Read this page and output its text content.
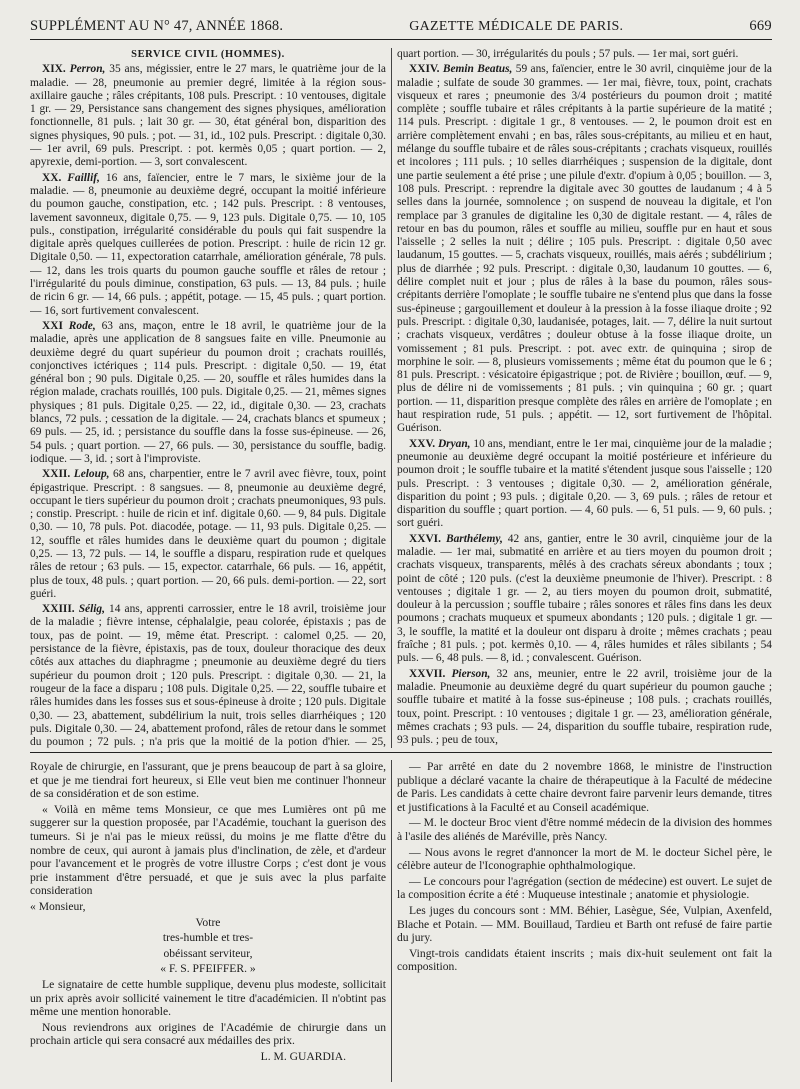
SUPPLÉMENT AU N° 47, ANNÉE 1868.	GAZETTE MÉDICALE DE PARIS.	669

SERVICE CIVIL (HOMMES).

XIX. Perron, 35 ans, mégissier, entre le 27 mars, le quatrième jour de la maladie. — 28, pneumonie au premier degré, limitée à la région sous-axillaire gauche ; râles crépitants, 108 puls. Prescript. : 10 ventouses, digitale 1 gr. — 29, Persistance sans changement des signes physiques, amélioration fonctionnelle, 81 puls. ; lait 30 gr. — 30, état général bon, disparition des signes physiques, 90 puls. ; pot. — 31, id., 102 puls. Prescript. : digitale 0,30. — 1er avril, 69 puls. Prescript. : pot. kermès 0,05 ; quart portion. — 2, apyrexie, demi-portion. — 3, sort convalescent.

XX. Faillif, 16 ans, faïencier, entre le 7 mars, le sixième jour de la maladie. — 8, pneumonie au deuxième degré, occupant la moitié inférieure du poumon gauche, constipation, etc. ; 142 puls. Prescript. : 8 ventouses, lavement savonneux, digitale 0,75. — 9, 123 puls. Digitale 0,75. — 10, 105 puls., constipation, irrégularité considérable du pouls qui fait suspendre la digitale après quelques cuillerées de potion. Prescript. : huile de ricin 12 gr. Digitale 0,50. — 11, expectoration catarrhale, amélioration générale, 78 puls. — 12, dans les trois quarts du poumon gauche souffle et râles de retour ; l'irrégularité du pouls diminue, constipation, 63 puls. — 13, 84 puls. ; huile de ricin 6 gr. — 14, 66 puls. ; appétit, potage. — 15, 45 puls. ; quart portion. — 16, sort furtivement convalescent.

XXI Rode, 63 ans, maçon, entre le 18 avril, le quatrième jour de la maladie, après une application de 8 sangsues faite en ville. Pneumonie au deuxième degré du quart supérieur du poumon droit ; crachats rouillés, conjonctives ictériques ; 114 puls. Prescript. : digitale 0,50. — 19, état général bon ; 90 puls. Digitale 0,25. — 20, souffle et râles humides dans la région malade, crachats rouillés, 100 puls. Digitale 0,25. — 21, mêmes signes physiques ; 81 puls. Digitale 0,25. — 22, id., digitale 0,30. — 23, crachats blancs, 72 puls. ; cessation de la digitale. — 24, crachats blancs et spumeux ; 69 puls. — 25, id. ; persistance du souffle dans la fosse sus-épineuse. — 26, 54 puls. ; quart portion. — 27, 66 puls. — 30, persistance du souffle, badig. iodique. — 3, id. ; sort à l'improviste.

XXII. Leloup, 68 ans, charpentier, entre le 7 avril avec fièvre, toux, point épigastrique. Prescript. : 8 sangsues. — 8, pneumonie au deuxième degré, occupant le tiers supérieur du poumon droit ; crachats pneumoniques, 93 puls. ; constip. Prescript. : huile de ricin et inf. digitale 0,60. — 9, 84 puls. Digitale 0,30. — 10, 78 puls. Pot. diacodée, potage. — 11, 93 puls. Digitale 0,25. — 12, souffle et râles humides dans le deuxième quart du poumon ; digitale 0,25. — 13, 72 puls. — 14, le souffle a disparu, respiration rude et quelques râles de retour ; 63 puls. — 15, expector. catarrhale, 66 puls. — 16, appétit, plus de toux, 48 puls. ; quart portion. — 20, 66 puls. demi-portion. — 22, sort guéri.

XXIII. Sélig, 14 ans, apprenti carrossier, entre le 18 avril, troisième jour de la maladie ; fièvre intense, céphalalgie, peau colorée, épistaxis ; pas de toux, pas de point. — 19, même état. Prescript. : calomel 0,25. — 20, persistance de la fièvre, épistaxis, pas de toux, douleur thoracique des deux côtés aux attaches du diaphragme ; pneumonie au deuxième degré du tiers supérieur du poumon droit ; 120 puls. Prescript. : digitale 0,30. — 21, la rougeur de la face a disparu ; 108 puls. Digitale 0,25. — 22, souffle tubaire et râles humides dans les fosses sus et sous-épineuse à droite ; 120 puls. Digitale 0,30. — 23, abattement, subdélirium la nuit, trois selles diarrhéiques ; 120 puls. Digitale 0,30. — 24, abattement profond, râles de retour dans le sommet du poumon ; 72 puls. ; n'a pris que la moitié de la potion d'hier. — 25,

quart portion. — 30, irrégularités du pouls ; 57 puls. — 1er mai, sort guéri.

XXIV. Bemin Beatus, 59 ans, faïencier, entre le 30 avril, cinquième jour de la maladie ; sulfate de soude 30 grammes. — 1er mai, fièvre, toux, point, crachats visqueux et rares ; pneumonie des 3/4 postérieurs du poumon droit ; matité complète ; souffle tubaire et râles crépitants à la partie supérieure de la matité ; 114 puls. Prescript. : digitale 1 gr., 8 ventouses. — 2, le poumon droit est en arrière complètement envahi ; en bas, râles sous-crépitants, au milieu et en haut, mélange du souffle tubaire et de râles sous-crépitants ; crachats visqueux, rouillés et incolores ; 111 puls. ; 10 selles diarrhéiques ; suspension de la digitale, dont une partie seulement a été prise ; une pilule d'extr. d'opium à 0,05 ; bouillon. — 3, 108 puls. Prescript. : reprendre la digitale avec 30 gouttes de laudanum ; 4 à 5 selles dans la journée, somnolence ; on suspend de nouveau la digitale, et l'on remplace par 3 granules de digitaline les 0,30 de digitale restant. — 4, râles de retour en bas du poumon, râles et souffle au milieu, souffle pur en haut et sous l'aisselle ; 2 selles la nuit ; délire ; 105 puls. Prescript. : digitale 0,50 avec laudanum, 15 gouttes. — 5, crachats visqueux, rouillés, mais aérés ; subdélirium ; plus de diarrhée ; 92 puls. Prescript. : digitale 0,30, laudanum 10 gouttes. — 6, délire complet nuit et jour ; plus de râles à la base du poumon, râles sous-crépitants derrière l'omoplate ; le souffle tubaire ne s'entend plus que dans la fosse sus-épineuse ; gargouillement et douleur à la pression à la fosse iliaque droite ; 92 puls. Prescript. : digitale 0,30, laudanisée, potages, lait. — 7, délire la nuit surtout ; crachats visqueux, verdâtres ; douleur obtuse à la fosse iliaque droite, un vomissement ; 81 puls. Prescript. : pot. avec extr. de quinquina ; sirop de morphine le soir. — 8, plusieurs vomissements ; même état du poumon que le 6 ; 81 puls. Prescript. : vésicatoire épigastrique ; pot. de Rivière ; bouillon, œuf. — 9, plus de délire ni de vomissements ; 81 puls. ; vin quinquina ; 60 gr. ; quart portion. — 11, disparition presque complète des râles en arrière de l'omoplate ; en haut respiration rude, 51 puls. ; appétit. — 12, sort furtivement de l'hôpital. Guérison.

XXV. Dryan, 10 ans, mendiant, entre le 1er mai, cinquième jour de la maladie ; pneumonie au deuxième degré occupant la moitié postérieure et inférieure du poumon droit ; le souffle tubaire et la matité s'étendent jusque sous l'aisselle ; 120 puls. Prescript. : 3 ventouses ; digitale 0,30. — 2, amélioration générale, disparition du point ; 93 puls. ; digitale 0,20. — 3, 69 puls. ; râles de retour et disparition du souffle ; quart portion. — 4, 60 puls. — 6, 51 puls. — 9, 60 puls. ; sort guéri.

XXVI. Barthélemy, 42 ans, gantier, entre le 30 avril, cinquième jour de la maladie. — 1er mai, submatité en arrière et au tiers moyen du poumon droit ; crachats visqueux, transparents, mêlés à des crachats séreux abondants ; toux ; point de côté ; 120 puls. (c'est la deuxième pneumonie de l'hiver). Prescript. : 8 ventouses ; digitale 1 gr. — 2, au tiers moyen du poumon droit, submatité, douleur à la percussion ; souffle tubaire ; râles sonores et râles fins dans les deux poumons ; crachats muqueux et spumeux abondants ; 120 puls. ; digitale 1 gr. — 3, le souffle, la matité et la douleur ont disparu à droite ; mêmes crachats ; peau fraîche ; 81 puls. ; pot. kermès 0,10. — 4, râles humides et râles sibilants ; 54 puls. — 6, 48 puls. — 8, id. ; convalescent. Guérison.

XXVII. Pierson, 32 ans, meunier, entre le 22 avril, troisième jour de la maladie. Pneumonie au deuxième degré du quart supérieur du poumon gauche ; souffle tubaire et matité à la fosse sus-épineuse ; 108 puls. ; crachats rouillés, toux, point. Prescript. : 10 ventouses ; digitale 1 gr. — 23, amélioration générale, mêmes crachats ; 93 puls. — 24, disparition du souffle tubaire, respiration rude, 93 puls. ; peu de toux,

Royale de chirurgie, en l'assurant, que je prens beaucoup de part à sa gloire, et que je me tiendrai fort heureux, si Elle veut bien me continuer l'honneur de sa considération et de son estime.

« Voilà en même tems Monsieur, ce que mes Lumières ont pû me suggerer sur la question proposée, par l'Académie, touchant la guerison des tumeurs. Si je n'ai pas le mieux reüssi, du moins je me flatte d'être du nombre de ceux, qui auront à jamais plus d'inclination, de zèle, et d'ardeur pour l'avancement et le progrès de votre illustre Corps ; c'est dont je vous prie instamment d'être persuadé, et que je suis avec la plus parfaite consideration

« Monsieur,

Votre

tres-humble et tres-

obéissant serviteur,

« F. S. PFEIFFER. »

Le signataire de cette humble supplique, devenu plus modeste, sollicitait un prix après avoir sollicité vainement le titre d'académicien. Il n'obtint pas même une mention honorable.

Nous reviendrons aux origines de l'Académie de chirurgie dans un prochain article qui sera consacré aux médailles des prix.

L. M. GUARDIA.

— Par arrêté en date du 2 novembre 1868, le ministre de l'instruction publique a déclaré vacante la chaire de thérapeutique à la Faculté de médecine de Paris. Les candidats à cette chaire devront faire parvenir leurs demande, titres et justifications à la Faculté et au Conseil académique.

— M. le docteur Broc vient d'être nommé médecin de la division des hommes à l'asile des aliénés de Maréville, près Nancy.

— Nous avons le regret d'annoncer la mort de M. le docteur Sichel père, le célèbre auteur de l'Iconographie ophthalmologique.

— Le concours pour l'agrégation (section de médecine) est ouvert. Le sujet de la composition écrite a été : Muqueuse intestinale ; anatomie et physiologie.

Les juges du concours sont : MM. Béhier, Lasègue, Sée, Vulpian, Axenfeld, Blache et Potain. — MM. Bouillaud, Tardieu et Barth ont refusé de faire partie du jury.

Vingt-trois candidats étaient inscrits ; mais dix-huit seulement ont fait la composition.
